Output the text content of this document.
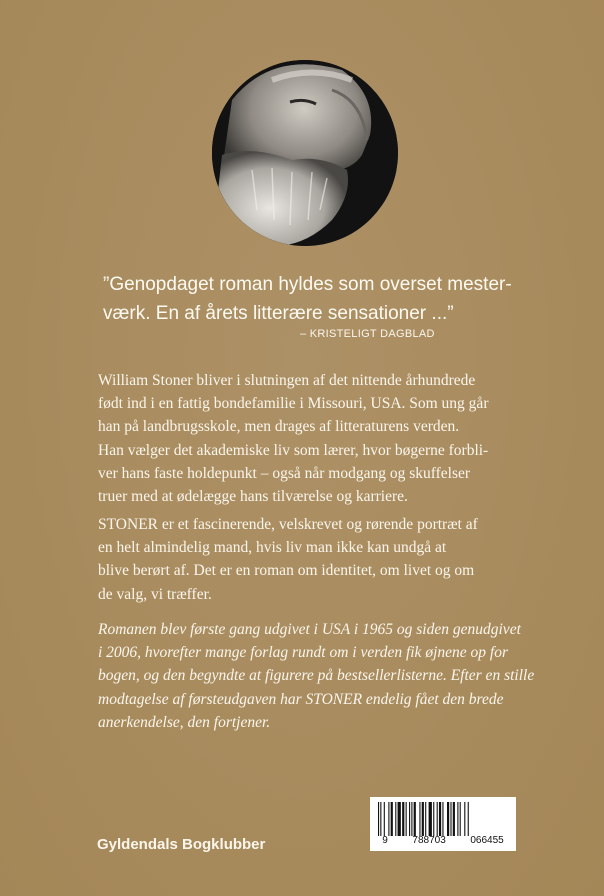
”Genopdaget roman hyldes som overset mester-
værk. En af årets litterære sensationer ...”
– KRISTELIGT DAGBLAD
William Stoner bliver i slutningen af det nittende århundrede
født ind i en fattig bondefamilie i Missouri, USA. Som ung går
han på landbrugsskole, men drages af litteraturens verden.
Han vælger det akademiske liv som lærer, hvor bøgerne forbli-
ver hans faste holdepunkt – også når modgang og skuffelser
truer med at ødelægge hans tilværelse og karriere.
STONER er et fascinerende, velskrevet og rørende portræt af
en helt almindelig mand, hvis liv man ikke kan undgå at
blive berørt af. Det er en roman om identitet, om livet og om
de valg, vi træffer.
Romanen blev første gang udgivet i USA i 1965 og siden genudgivet
i 2006, hvorefter mange forlag rundt om i verden fik øjnene op for
bogen, og den begyndte at figurere på bestsellerlisterne. Efter en stille
modtagelse af førsteudgaven har STONER endelig fået den brede
anerkendelse, den fortjener.
Gyldendals Bogklubber	9 788703 066455
